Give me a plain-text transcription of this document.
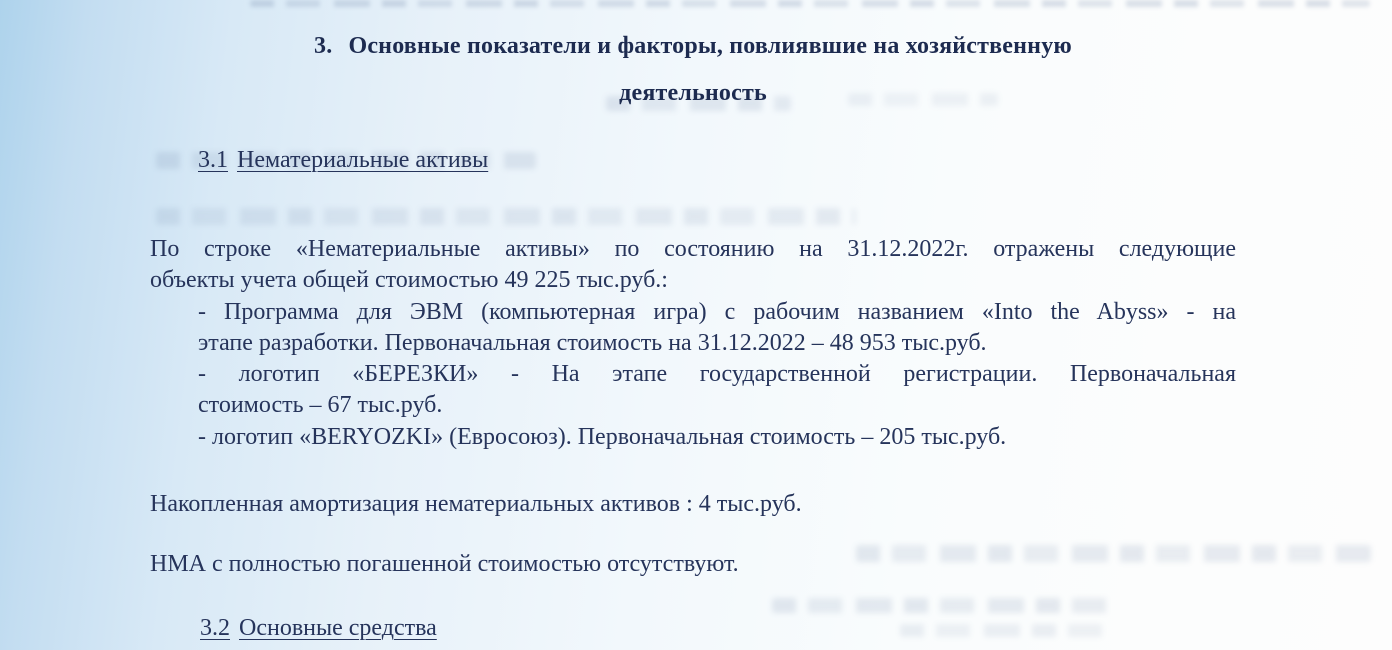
3. Основные показатели и факторы, повлиявшие на хозяйственную
деятельность
3.1 Нематериальные активы
По строке «Нематериальные активы» по состоянию на 31.12.2022г. отражены следующие
объекты учета общей стоимостью 49 225 тыс.руб.:
- Программа для ЭВМ (компьютерная игра) с рабочим названием «Into the Abyss» - на
этапе разработки. Первоначальная стоимость на 31.12.2022 – 48 953 тыс.руб.
- логотип «БЕРЕЗКИ» - На этапе государственной регистрации. Первоначальная
стоимость – 67 тыс.руб.
- логотип «BERYOZKI» (Евросоюз). Первоначальная стоимость – 205 тыс.руб.
Накопленная амортизация нематериальных активов : 4 тыс.руб.
НМА с полностью погашенной стоимостью отсутствуют.
3.2 Основные средства
